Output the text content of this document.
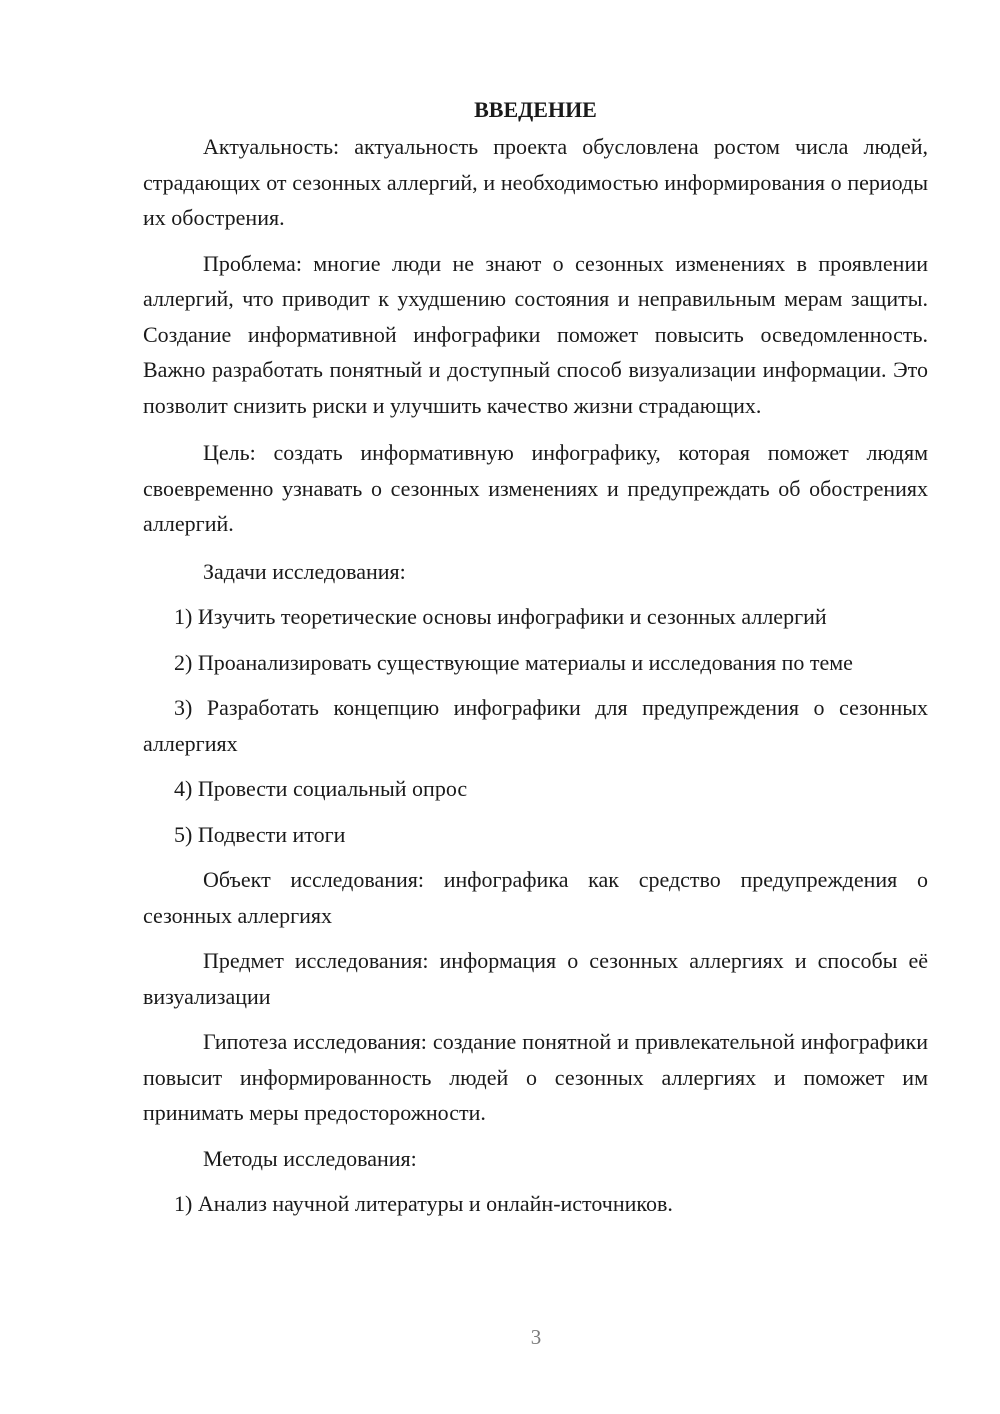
ВВЕДЕНИЕ

Актуальность: актуальность проекта обусловлена ростом числа людей, страдающих от сезонных аллергий, и необходимостью информирования о периоды их обострения.

Проблема: многие люди не знают о сезонных изменениях в проявлении аллергий, что приводит к ухудшению состояния и неправильным мерам защиты. Создание информативной инфографики поможет повысить осведомленность. Важно разработать понятный и доступный способ визуализации информации. Это позволит снизить риски и улучшить качество жизни страдающих.

Цель: создать информативную инфографику, которая поможет людям своевременно узнавать о сезонных изменениях и предупреждать об обострениях аллергий.

Задачи исследования:

1) Изучить теоретические основы инфографики и сезонных аллергий

2) Проанализировать существующие материалы и исследования по теме

3) Разработать концепцию инфографики для предупреждения о сезонных аллергиях

4) Провести социальный опрос

5) Подвести итоги

Объект исследования: инфографика как средство предупреждения о сезонных аллергиях

Предмет исследования: информация о сезонных аллергиях и способы её визуализации

Гипотеза исследования: создание понятной и привлекательной инфографики повысит информированность людей о сезонных аллергиях и поможет им принимать меры предосторожности.

Методы исследования:

1) Анализ научной литературы и онлайн-источников.

3
